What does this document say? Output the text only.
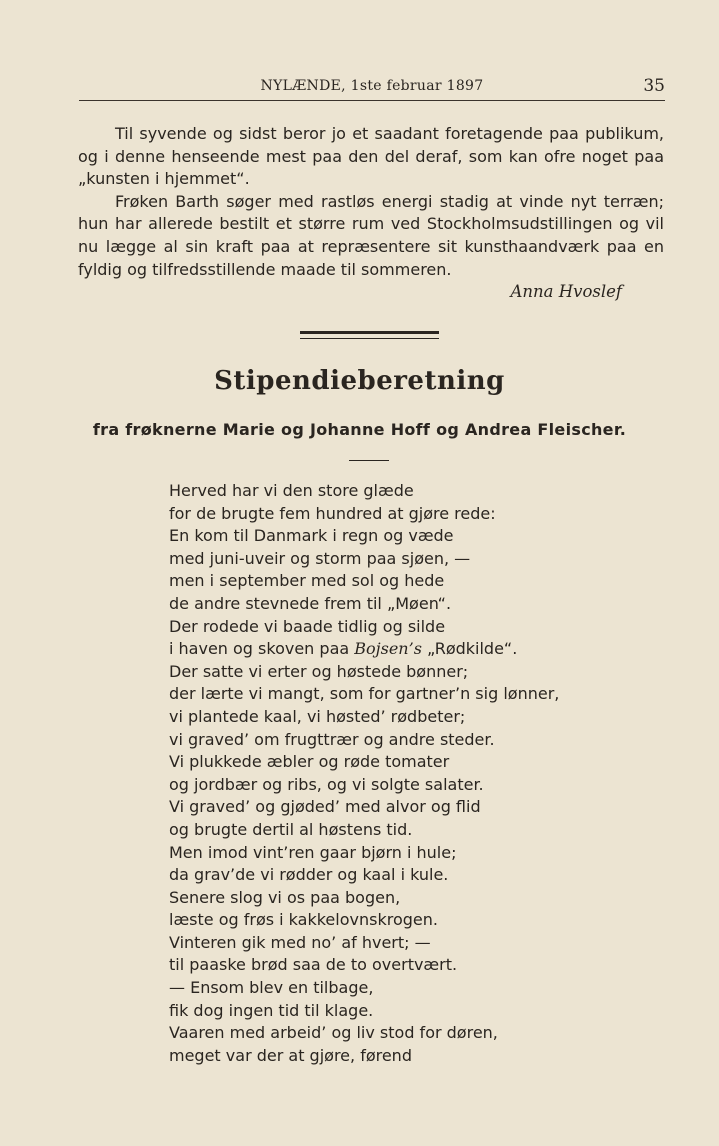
NYLÆNDE, 1ste februar 1897	35

Til syvende og sidst beror jo et saadant foretagende paa publikum, og i denne henseende mest paa den del deraf, som kan ofre noget paa „kunsten i hjemmet“.

Frøken Barth søger med rastløs energi stadig at vinde nyt terræn; hun har allerede bestilt et større rum ved Stockholmsudstillingen og vil nu lægge al sin kraft paa at repræsentere sit kunsthaandværk paa en fyldig og tilfredsstillende maade til sommeren.

Anna Hvoslef
Stipendieberetning
fra frøknerne Marie og Johanne Hoff og Andrea Fleischer.
Herved har vi den store glæde
for de brugte fem hundred at gjøre rede:
En kom til Danmark i regn og væde
med juni-uveir og storm paa sjøen, —
men i september med sol og hede
de andre stevnede frem til „Møen“.
Der rodede vi baade tidlig og silde
i haven og skoven paa Bojsen’s „Rødkilde“.
Der satte vi erter og høstede bønner;
der lærte vi mangt, som for gartner’n sig lønner,
vi plantede kaal, vi høsted’ rødbeter;
vi graved’ om frugttrær og andre steder.
Vi plukkede æbler og røde tomater
og jordbær og ribs, og vi solgte salater.
Vi graved’ og gjøded’ med alvor og flid
og brugte dertil al høstens tid.
Men imod vint’ren gaar bjørn i hule;
da grav’de vi rødder og kaal i kule.
Senere slog vi os paa bogen,
læste og frøs i kakkelovnskrogen.
Vinteren gik med no’ af hvert; —
til paaske brød saa de to overtvært.
— Ensom blev en tilbage,
fik dog ingen tid til klage.
Vaaren med arbeid’ og liv stod for døren,
meget var der at gjøre, førend
